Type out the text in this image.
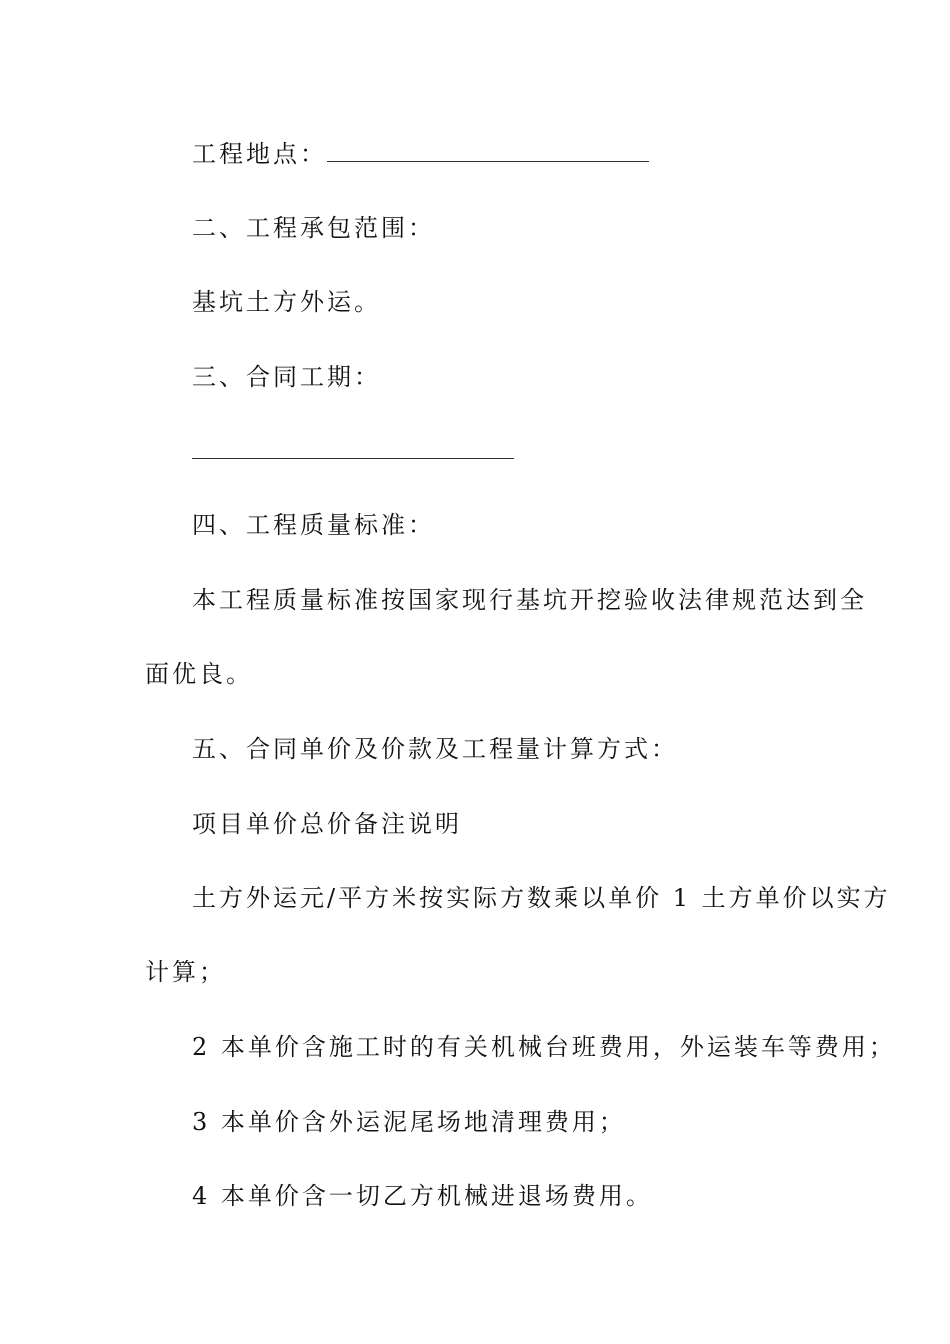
工程地点：
二、工程承包范围：
基坑土方外运。
三、合同工期：
四、工程质量标准：
本工程质量标准按国家现行基坑开挖验收法律规范达到全
面优良。
五、合同单价及价款及工程量计算方式：
项目单价总价备注说明
土方外运元/平方米按实际方数乘以单价 1 土方单价以实方
计算；
2 本单价含施工时的有关机械台班费用，外运装车等费用；
3 本单价含外运泥尾场地清理费用；
4 本单价含一切乙方机械进退场费用。
